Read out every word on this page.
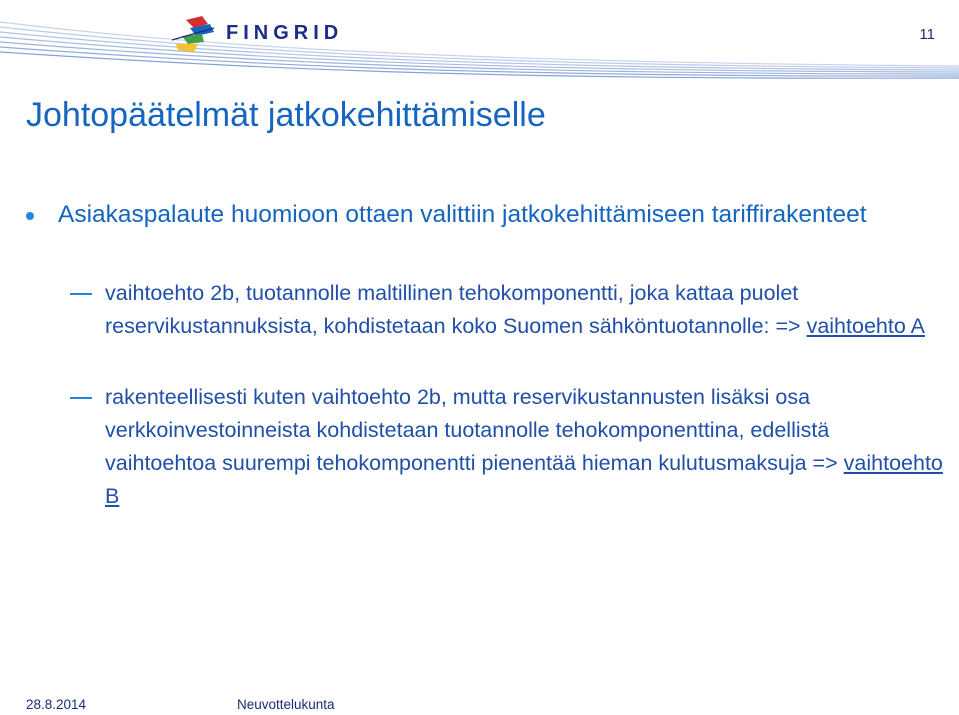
FINGRID	11
Johtopäätelmät jatkokehittämiselle
Asiakaspalaute huomioon ottaen valittiin jatkokehittämiseen tariffirakenteet
vaihtoehto 2b, tuotannolle maltillinen tehokomponentti, joka kattaa puolet reservikustannuksista, kohdistetaan koko Suomen sähköntuotannolle: => vaihtoehto A
rakenteellisesti kuten vaihtoehto 2b, mutta reservikustannusten lisäksi osa verkkoinvestoinneista kohdistetaan tuotannolle tehokomponenttina, edellistä vaihtoehtoa suurempi tehokomponentti pienentää hieman kulutusmaksuja => vaihtoehto B
28.8.2014	Neuvottelukunta
